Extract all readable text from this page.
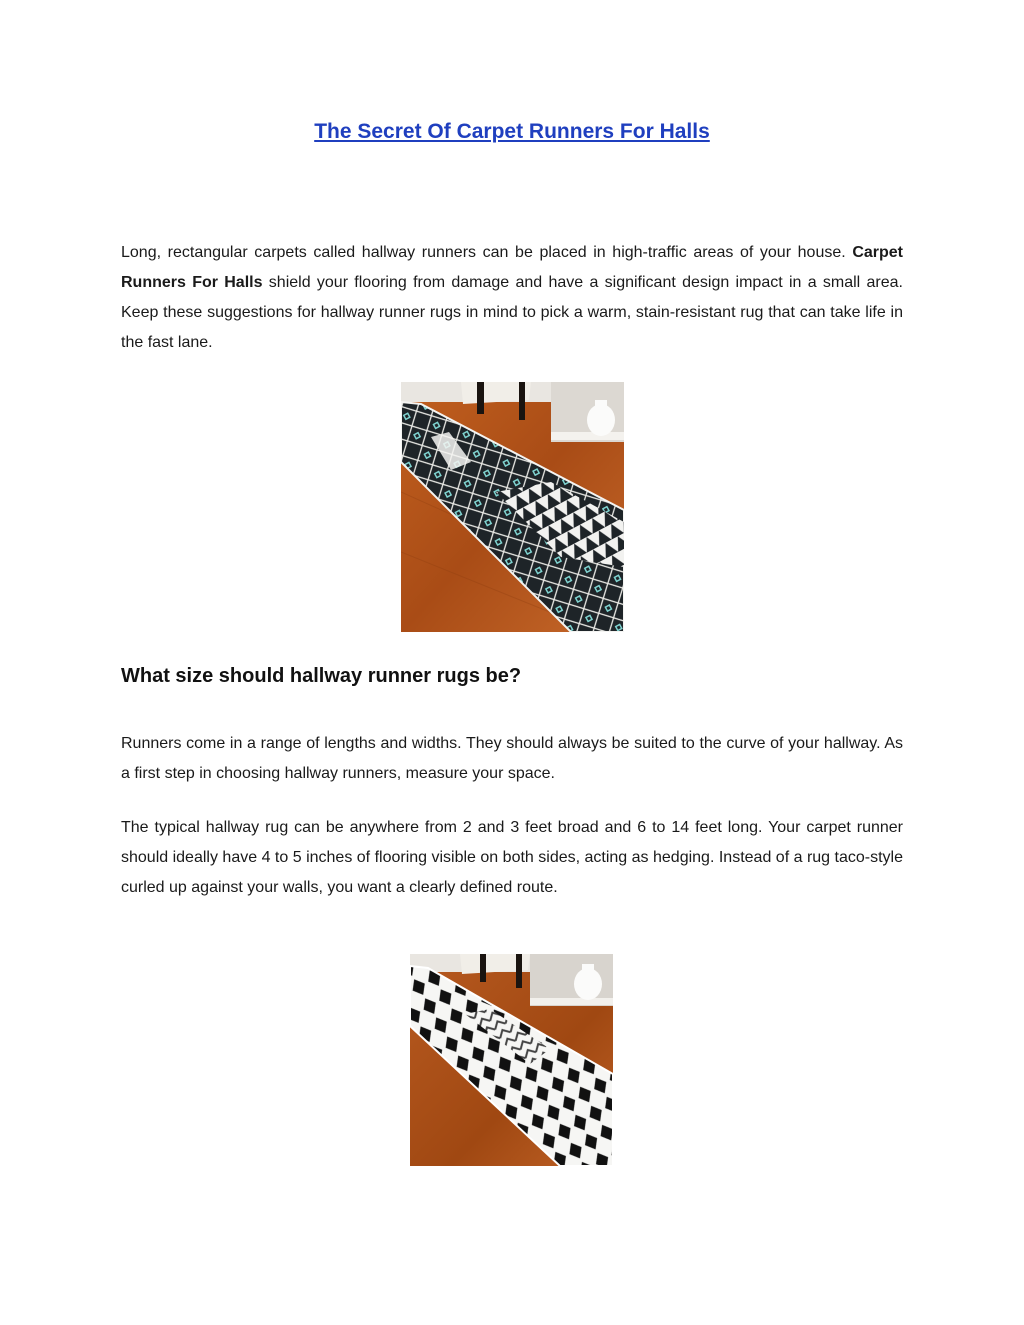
The Secret Of Carpet Runners For Halls

Long, rectangular carpets called hallway runners can be placed in high-traffic areas of your house. Carpet Runners For Halls shield your flooring from damage and have a significant design impact in a small area. Keep these suggestions for hallway runner rugs in mind to pick a warm, stain-resistant rug that can take life in the fast lane.

What size should hallway runner rugs be?

Runners come in a range of lengths and widths. They should always be suited to the curve of your hallway. As a first step in choosing hallway runners, measure your space.

The typical hallway rug can be anywhere from 2 and 3 feet broad and 6 to 14 feet long. Your carpet runner should ideally have 4 to 5 inches of flooring visible on both sides, acting as hedging. Instead of a rug taco-style curled up against your walls, you want a clearly defined route.
